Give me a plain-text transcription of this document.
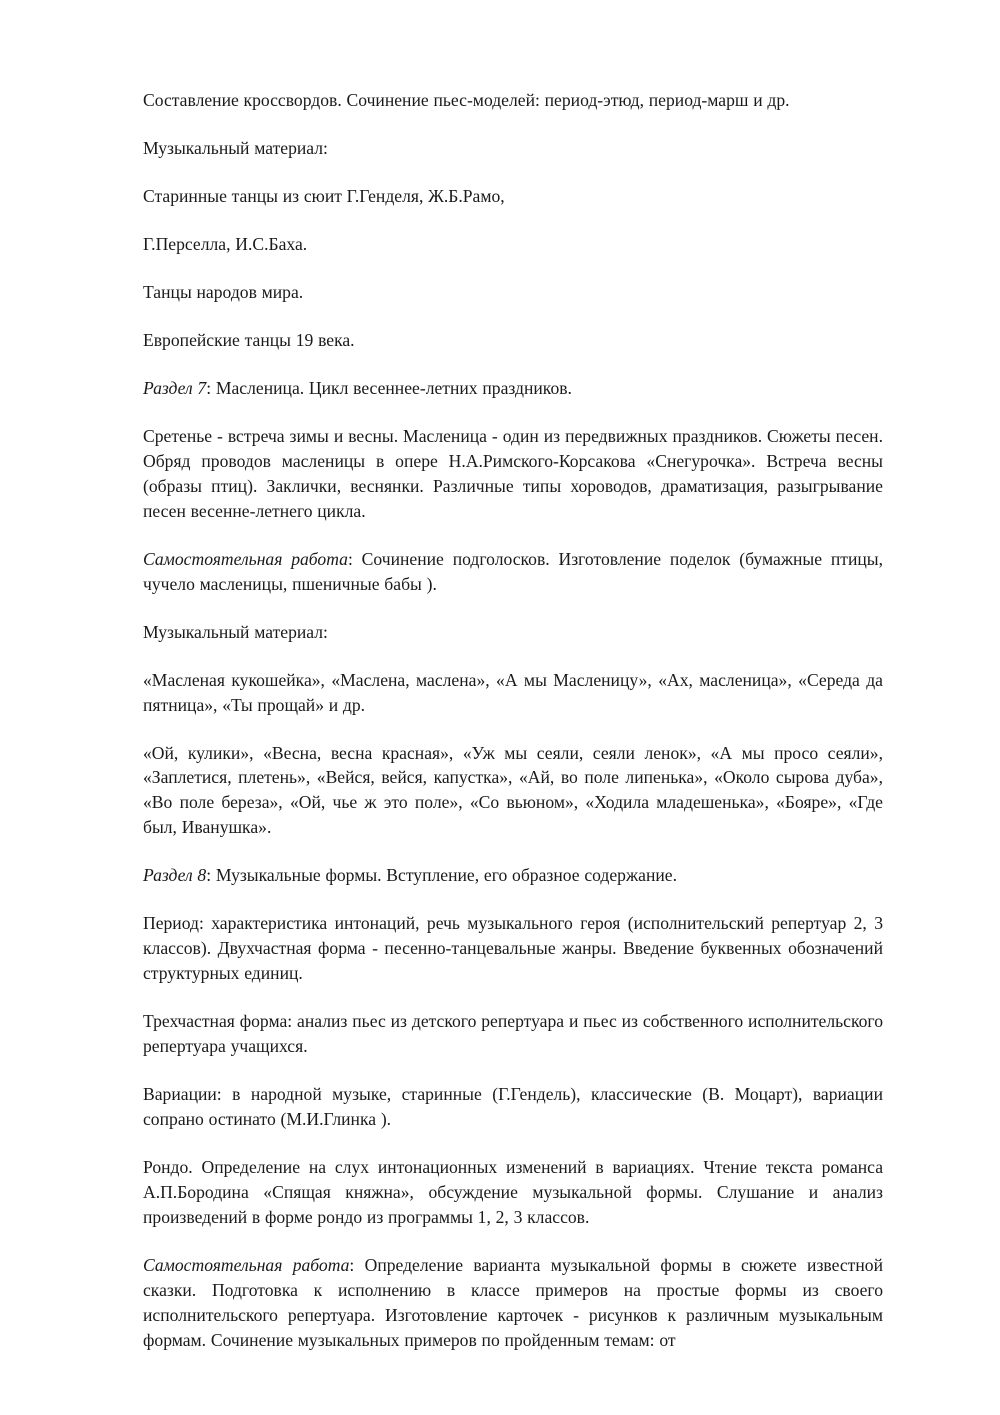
Составление кроссвордов. Сочинение пьес-моделей: период-этюд, период-марш и др.

Музыкальный материал:

Старинные танцы из сюит Г.Генделя, Ж.Б.Рамо,

Г.Перселла, И.С.Баха.

Танцы народов мира.

Европейские танцы 19 века.

Раздел 7: Масленица. Цикл весеннее-летних праздников.

Сретенье - встреча зимы и весны. Масленица - один из передвижных праздников. Сюжеты песен. Обряд проводов масленицы в опере Н.А.Римского-Корсакова «Снегурочка». Встреча весны (образы птиц). Заклички, веснянки. Различные типы хороводов, драматизация, разыгрывание песен весенне-летнего цикла.

Самостоятельная работа: Сочинение подголосков. Изготовление поделок (бумажные птицы, чучело масленицы, пшеничные бабы ).

Музыкальный материал:

«Масленая кукошейка», «Маслена, маслена», «А мы Масленицу», «Ах, масленица», «Середа да пятница», «Ты прощай» и др.

«Ой, кулики», «Весна, весна красная», «Уж мы сеяли, сеяли ленок», «А мы просо сеяли», «Заплетися, плетень», «Вейся, вейся, капустка», «Ай, во поле липенька», «Около сырова дуба», «Во поле береза», «Ой, чье ж это поле», «Со вьюном», «Ходила младешенька», «Бояре», «Где был, Иванушка».

Раздел 8: Музыкальные формы. Вступление, его образное содержание.

Период: характеристика интонаций, речь музыкального героя (исполнительский репертуар 2, 3 классов). Двухчастная форма - песенно-танцевальные жанры. Введение буквенных обозначений структурных единиц.

Трехчастная форма: анализ пьес из детского репертуара и пьес из собственного исполнительского репертуара учащихся.

Вариации: в народной музыке, старинные (Г.Гендель), классические (В. Моцарт), вариации сопрано остинато (М.И.Глинка ).

Рондо. Определение на слух интонационных изменений в вариациях. Чтение текста романса А.П.Бородина «Спящая княжна», обсуждение музыкальной формы. Слушание и анализ произведений в форме рондо из программы 1, 2, 3 классов.

Самостоятельная работа: Определение варианта музыкальной формы в сюжете известной сказки. Подготовка к исполнению в классе примеров на простые формы из своего исполнительского репертуара. Изготовление карточек - рисунков к различным музыкальным формам. Сочинение музыкальных примеров по пройденным темам: от
